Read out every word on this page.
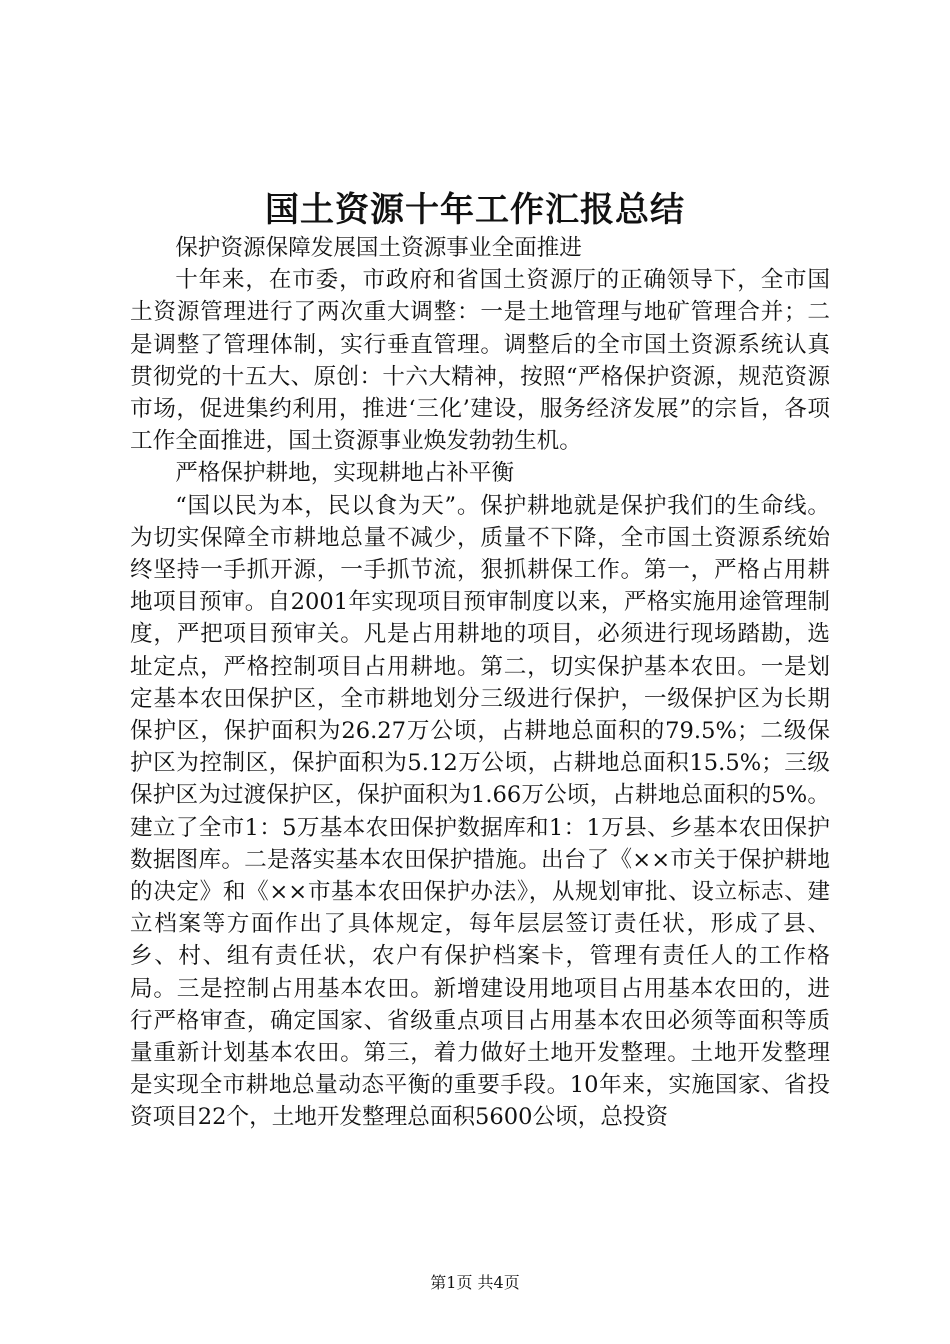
国土资源十年工作汇报总结

保护资源保障发展国土资源事业全面推进

十年来，在市委，市政府和省国土资源厅的正确领导下，全市国土资源管理进行了两次重大调整：一是土地管理与地矿管理合并；二是调整了管理体制，实行垂直管理。调整后的全市国土资源系统认真贯彻党的十五大、原创：十六大精神，按照“严格保护资源，规范资源市场，促进集约利用，推进‘三化’建设，服务经济发展”的宗旨，各项工作全面推进，国土资源事业焕发勃勃生机。

严格保护耕地，实现耕地占补平衡

“国以民为本，民以食为天”。保护耕地就是保护我们的生命线。为切实保障全市耕地总量不减少，质量不下降，全市国土资源系统始终坚持一手抓开源，一手抓节流，狠抓耕保工作。第一，严格占用耕地项目预审。自2001年实现项目预审制度以来，严格实施用途管理制度，严把项目预审关。凡是占用耕地的项目，必须进行现场踏勘，选址定点，严格控制项目占用耕地。第二，切实保护基本农田。一是划定基本农田保护区，全市耕地划分三级进行保护，一级保护区为长期保护区，保护面积为26.27万公顷，占耕地总面积的79.5%；二级保护区为控制区，保护面积为5.12万公顷，占耕地总面积15.5%；三级保护区为过渡保护区，保护面积为1.66万公顷，占耕地总面积的5%。建立了全市1：5万基本农田保护数据库和1：1万县、乡基本农田保护数据图库。二是落实基本农田保护措施。出台了《××市关于保护耕地的决定》和《××市基本农田保护办法》，从规划审批、设立标志、建立档案等方面作出了具体规定，每年层层签订责任状，形成了县、乡、村、组有责任状，农户有保护档案卡，管理有责任人的工作格局。三是控制占用基本农田。新增建设用地项目占用基本农田的，进行严格审查，确定国家、省级重点项目占用基本农田必须等面积等质量重新计划基本农田。第三，着力做好土地开发整理。土地开发整理是实现全市耕地总量动态平衡的重要手段。10年来，实施国家、省投资项目22个，土地开发整理总面积5600公顷，总投资

第1页 共4页
